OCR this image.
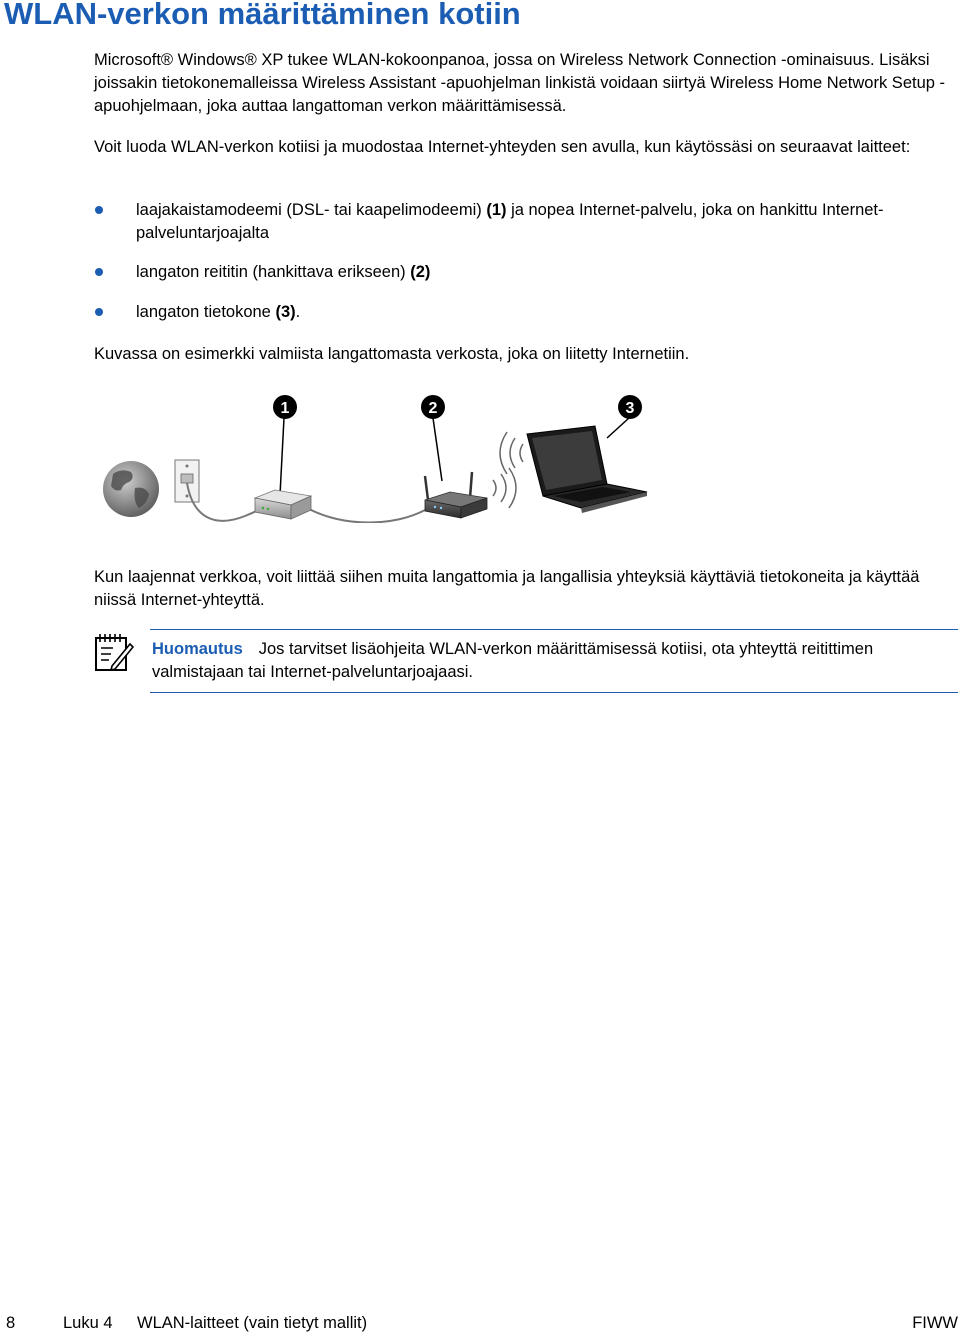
WLAN-verkon määrittäminen kotiin

Microsoft® Windows® XP tukee WLAN-kokoonpanoa, jossa on Wireless Network Connection -ominaisuus. Lisäksi joissakin tietokonemalleissa Wireless Assistant -apuohjelman linkistä voidaan siirtyä Wireless Home Network Setup -apuohjelmaan, joka auttaa langattoman verkon määrittämisessä.

Voit luoda WLAN-verkon kotiisi ja muodostaa Internet-yhteyden sen avulla, kun käytössäsi on seuraavat laitteet:

laajakaistamodeemi (DSL- tai kaapelimodeemi) (1) ja nopea Internet-palvelu, joka on hankittu Internet-palveluntarjoajalta
langaton reititin (hankittava erikseen) (2)
langaton tietokone (3).

Kuvassa on esimerkki valmiista langattomasta verkosta, joka on liitetty Internetiin.

1	2	3

Kun laajennat verkkoa, voit liittää siihen muita langattomia ja langallisia yhteyksiä käyttäviä tietokoneita ja käyttää niissä Internet-yhteyttä.

Huomautus Jos tarvitset lisäohjeita WLAN-verkon määrittämisessä kotiisi, ota yhteyttä reitittimen valmistajaan tai Internet-palveluntarjoajaasi.

8	Luku 4 WLAN-laitteet (vain tietyt mallit)	FIWW
